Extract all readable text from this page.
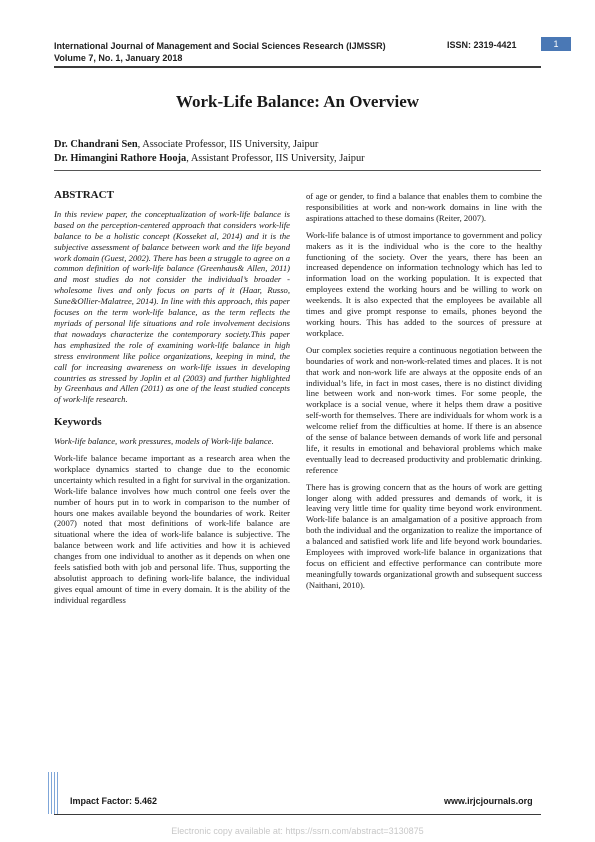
International Journal of Management and Social Sciences Research (IJMSSR)
Volume 7, No. 1, January 2018
ISSN: 2319-4421	1
Work-Life Balance: An Overview
Dr. Chandrani Sen, Associate Professor, IIS University, Jaipur
Dr. Himangini Rathore Hooja, Assistant Professor, IIS University, Jaipur
ABSTRACT

In this review paper, the conceptualization of work-life balance is based on the perception-centered approach that considers work-life balance to be a holistic concept (Kosseket al, 2014) and it is the subjective assessment of balance between work and the life beyond work domain (Guest, 2002). There has been a struggle to agree on a common definition of work-life balance (Greenhaus& Allen, 2011) and most studies do not consider the individual’s broader - wholesome lives and only focus on parts of it (Haar, Russo, Sune&Ollier-Malatree, 2014). In line with this approach, this paper focuses on the term work-life balance, as the term reflects the myriads of personal life situations and role involvement decisions that nowadays characterize the contemporary society.This paper has emphasized the role of examining work-life balance in high stress environment like police organizations, keeping in mind, the call for increasing awareness on work-life issues in developing countries as stressed by Joplin et al (2003) and further highlighted by Greenhaus and Allen (2011) as one of the least studied concepts of work-life research.

Keywords

Work-life balance, work pressures, models of Work-life balance.

Work-life balance became important as a research area when the workplace dynamics started to change due to the economic uncertainty which resulted in a fight for survival in the organization. Work-life balance involves how much control one feels over the number of hours put in to work in comparison to the number of hours one makes available beyond the boundaries of work. Reiter (2007) noted that most definitions of work-life balance are situational where the idea of work-life balance is subjective. The balance between work and life activities and how it is achieved changes from one individual to another as it depends on when one feels satisfied both with job and personal life. Thus, supporting the absolutist approach to defining work-life balance, the individual gives equal amount of time in every domain. It is the ability of the individual regardless

of age or gender, to find a balance that enables them to combine the responsibilities at work and non-work domains in line with the aspirations attached to these domains (Reiter, 2007).

Work-life balance is of utmost importance to government and policy makers as it is the individual who is the core to the healthy functioning of the society. Over the years, there has been an increased dependence on information technology which has led to information load on the working population. It is expected that employees extend the working hours and be willing to work on weekends. It is also expected that the employees be available all times and give prompt response to emails, phones beyond the working hours. This has added to the sources of pressure at workplace.

Our complex societies require a continuous negotiation between the boundaries of work and non-work-related times and places. It is not that work and non-work life are always at the opposite ends of an individual’s life, in fact in most cases, there is no distinct dividing line between work and non-work times. For some people, the workplace is a social venue, where it helps them draw a positive self-worth for themselves. There are individuals for whom work is a welcome relief from the difficulties at home. If there is an absence of the sense of balance between demands of work life and personal life, it results in emotional and behavioral problems which make eventually lead to decreased productivity and problematic drinking. reference

There has is growing concern that as the hours of work are getting longer along with added pressures and demands of work, it is leaving very little time for quality time beyond work environment. Work-life balance is an amalgamation of a positive approach from both the individual and the organization to realize the importance of a balanced and satisfied work life and life beyond work boundaries. Employees with improved work-life balance in organizations that focus on efficient and effective performance can contribute more meaningfully towards organizational growth and subsequent success (Naithani, 2010).

Impact Factor: 5.462	www.irjcjournals.org
Electronic copy available at: https://ssrn.com/abstract=3130875
